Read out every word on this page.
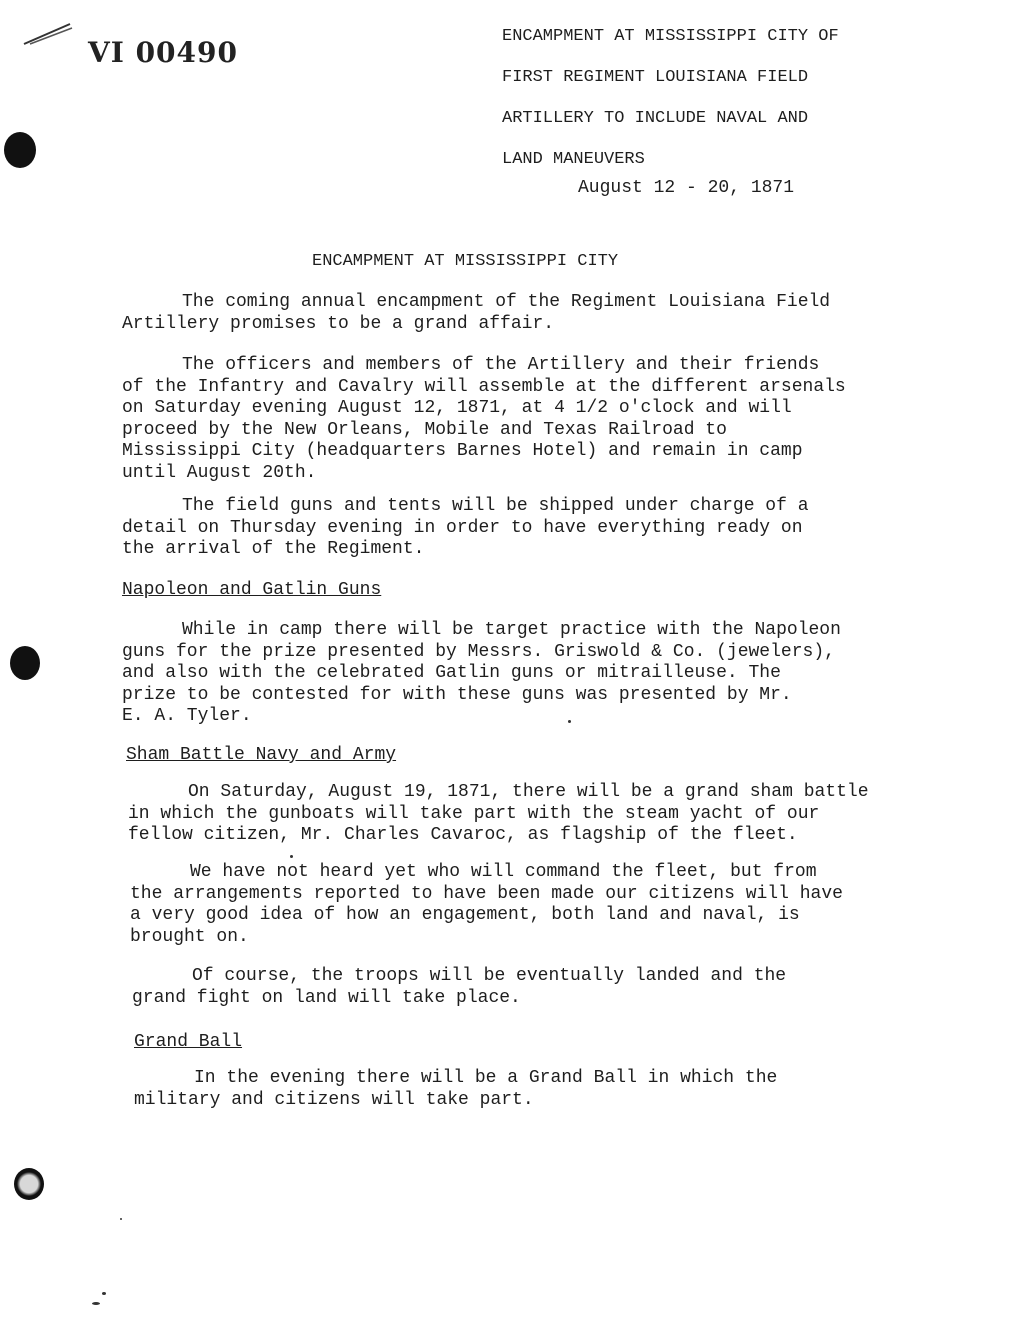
VI 00490	ENCAMPMENT AT MISSISSIPPI CITY OF
FIRST REGIMENT LOUISIANA FIELD
ARTILLERY TO INCLUDE NAVAL AND
LAND MANEUVERS
August 12 - 20, 1871
ENCAMPMENT AT MISSISSIPPI CITY
The coming annual encampment of the Regiment Louisiana Field
Artillery promises to be a grand affair.
The officers and members of the Artillery and their friends
of the Infantry and Cavalry will assemble at the different arsenals
on Saturday evening August 12, 1871, at 4 1/2 o'clock and will
proceed by the New Orleans, Mobile and Texas Railroad to
Mississippi City (headquarters Barnes Hotel) and remain in camp
until August 20th.
The field guns and tents will be shipped under charge of a
detail on Thursday evening in order to have everything ready on
the arrival of the Regiment.
Napoleon and Gatlin Guns
While in camp there will be target practice with the Napoleon
guns for the prize presented by Messrs. Griswold & Co. (jewelers),
and also with the celebrated Gatlin guns or mitrailleuse. The
prize to be contested for with these guns was presented by Mr.
E. A. Tyler.
Sham Battle Navy and Army
On Saturday, August 19, 1871, there will be a grand sham battle
in which the gunboats will take part with the steam yacht of our
fellow citizen, Mr. Charles Cavaroc, as flagship of the fleet.
We have not heard yet who will command the fleet, but from
the arrangements reported to have been made our citizens will have
a very good idea of how an engagement, both land and naval, is
brought on.
Of course, the troops will be eventually landed and the
grand fight on land will take place.
Grand Ball
In the evening there will be a Grand Ball in which the
military and citizens will take part.
